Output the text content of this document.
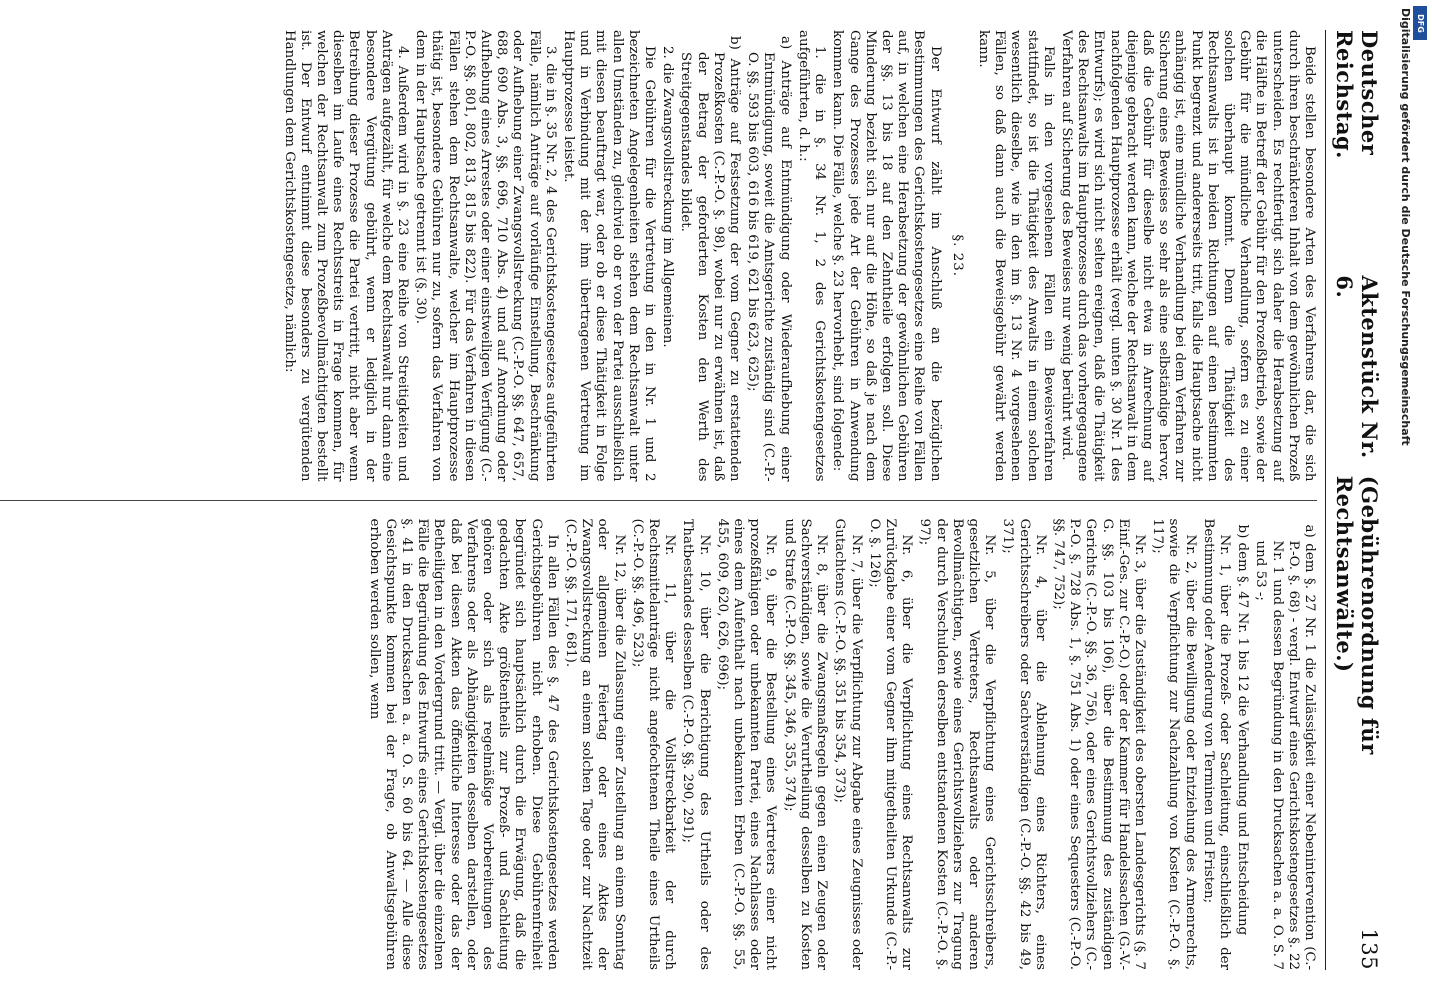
Deutscher Reichstag.
Aktenstück Nr. 6.
(Gebührenordnung für Rechtsanwälte.)
135

Beide stellen besondere Arten des Verfahrens dar, die sich durch ihren beschränkteren Inhalt von dem gewöhnlichen Prozeß unterscheiden. Es rechtfertigt sich daher die Herabsetzung auf die Hälfte in Betreff der Gebühr für den Prozeßbetrieb, sowie der Gebühr für die mündliche Verhandlung, sofern es zu einer solchen überhaupt kommt. Denn die Thätigkeit des Rechtsanwalts ist in beiden Richtungen auf einen bestimmten Punkt begrenzt und andererseits tritt, falls die Hauptsache nicht anhängig ist, eine mündliche Verhandlung bei dem Verfahren zur Sicherung eines Beweises so sehr als eine selbständige hervor, daß die Gebühr für dieselbe nicht etwa in Anrechnung auf diejenige gebracht werden kann, welche der Rechtsanwalt in dem nachfolgenden Hauptprozesse erhält (vergl. unten §. 30 Nr. 1 des Entwurfs); es wird sich nicht selten ereignen, daß die Thätigkeit des Rechtsanwalts im Hauptprozesse durch das vorhergegangene Verfahren auf Sicherung des Beweises nur wenig berührt wird.

Falls in den vorgesehenen Fällen ein Beweisverfahren stattfindet, so ist die Thätigkeit des Anwalts in einem solchen wesentlich dieselbe, wie in den im §. 13 Nr. 4 vorgesehenen Fällen, so daß dann auch die Beweisgebühr gewährt werden kann.

§. 23.

Der Entwurf zählt im Anschluß an die bezüglichen Bestimmungen des Gerichtskostengesetzes eine Reihe von Fällen auf, in welchen eine Herabsetzung der gewöhnlichen Gebühren der §§. 13 bis 18 auf den Zehntheile erfolgen soll. Diese Minderung bezieht sich nur auf die Höhe, so daß je nach dem Gange des Prozesses jede Art der Gebühren in Anwendung kommen kann. Die Fälle, welche §. 23 hervorhebt, sind folgende:

1. die in §. 34 Nr. 1, 2 des Gerichtskostengesetzes aufgeführten, d. h.:

a) Anträge auf Entmündigung oder Wiederaufhebung einer Entmündigung, soweit die Amtsgerichte zuständig sind (C.-P.-O. §§. 593 bis 603, 616 bis 619, 621 bis 623, 625);

b) Anträge auf Festsetzung der vom Gegner zu erstattenden Prozeßkosten (C.-P.-O. §. 98), wobei nur zu erwähnen ist, daß der Betrag der geforderten Kosten den Werth des Streitgegenstandes bildet.

2. die Zwangsvollstreckung im Allgemeinen.

Die Gebühren für die Vertretung in den in Nr. 1 und 2 bezeichneten Angelegenheiten stehen dem Rechtsanwalt unter allen Umständen zu, gleichviel ob er von der Partei ausschließlich mit diesen beauftragt war, oder ob er diese Thätigkeit in Folge und in Verbindung mit der ihm übertragenen Vertretung im Hauptprozesse leistet.

3. die in §. 35 Nr. 2, 4 des Gerichtskostengesetzes aufgeführten Fälle, nämlich Anträge auf vorläufige Einstellung, Beschränkung oder Aufhebung einer Zwangsvollstreckung (C.-P.-O. §§. 647, 657, 688, 690 Abs. 3, §§. 696, 710 Abs. 4) und auf Anordnung oder Aufhebung eines Arrestes oder einer einstweiligen Verfügung (C.-P.-O. §§. 801, 802, 813, 815 bis 822). Für das Verfahren in diesen Fällen stehen dem Rechtsanwalte, welcher im Hauptprozesse thätig ist, besondere Gebühren nur zu, sofern das Verfahren von dem in der Hauptsache getrennt ist (§. 30).

4. Außerdem wird in §. 23 eine Reihe von Streitigkeiten und Anträgen aufgezählt, für welche dem Rechtsanwalt nur dann eine besondere Vergütung gebührt, wenn er lediglich in der Betreibung dieser Prozesse die Partei vertritt, nicht aber wenn dieselben im Laufe eines Rechtsstreits in Frage kommen, für welchen der Rechtsanwalt zum Prozeßbevollmächtigten bestellt ist. Der Entwurf entnimmt diese besonders zu vergütenden Handlungen dem Gerichtskostengesetze, nämlich:

a) dem §. 27 Nr. 1 die Zulässigkeit einer Nebenintervention (C.-P.-O. §. 68) - vergl. Entwurf eines Gerichtskostengesetzes §. 22 Nr. 1 und dessen Begründung in den Drucksachen a. a. O. S. 7 und 53 -;

b) dem §. 47 Nr. 1 bis 12 die Verhandlung und Entscheidung

Nr. 1, über die Prozeß- oder Sachleitung, einschließlich der Bestimmung oder Aenderung von Terminen und Fristen;

Nr. 2, über die Bewilligung oder Entziehung des Armenrechts, sowie die Verpflichtung zur Nachzahlung von Kosten (C.-P.-O. §. 117);

Nr. 3, über die Zuständigkeit des obersten Landesgerichts (§. 7 Einf.-Ges. zur C.-P.-O.) oder der Kammer für Handelssachen (G.-V.-G. §§. 103 bis 106), über die Bestimmung des zuständigen Gerichts (C.-P.-O. §§. 36, 756), oder eines Gerichtsvollziehers (C.-P.-O. §. 728 Abs. 1, §. 751 Abs. 1) oder eines Sequesters (C.-P.-O. §§. 747, 752);

Nr. 4, über die Ablehnung eines Richters, eines Gerichtsschreibers oder Sachverständigen (C.-P.-O. §§. 42 bis 49, 371);

Nr. 5, über die Verpflichtung eines Gerichtsschreibers, gesetzlichen Vertreters, Rechtsanwalts oder anderen Bevollmächtigten, sowie eines Gerichtsvollziehers zur Tragung der durch Verschulden derselben entstandenen Kosten (C.-P.-O. §. 97);

Nr. 6, über die Verpflichtung eines Rechtsanwalts zur Zurückgabe einer vom Gegner ihm mitgetheilten Urkunde (C.-P.-O. §. 126);

Nr. 7, über die Verpflichtung zur Abgabe eines Zeugnisses oder Gutachtens (C.-P.-O. §§. 351 bis 354, 373);

Nr. 8, über die Zwangsmaßregeln gegen einen Zeugen oder Sachverständigen, sowie die Verurtheilung desselben zu Kosten und Strafe (C.-P.-O. §§. 345, 346, 355, 374);

Nr. 9, über die Bestellung eines Vertreters einer nicht prozeßfähigen oder unbekannten Partei, eines Nachlasses oder eines dem Aufenthalt nach unbekannten Erben (C.-P.-O. §§. 55, 455, 609, 620, 626, 696);

Nr. 10, über die Berichtigung des Urtheils oder des Thatbestandes desselben (C.-P.-O. §§. 290, 291);

Nr. 11, über die Vollstreckbarkeit der durch Rechtsmittelanträge nicht angefochtenen Theile eines Urtheils (C.-P.-O. §§. 496, 523);

Nr. 12, über die Zulassung einer Zustellung an einem Sonntag oder allgemeinen Feiertag oder eines Aktes der Zwangsvollstreckung an einem solchen Tage oder zur Nachtzeit (C.-P.-O. §§. 171, 681).

In allen Fällen des §. 47 des Gerichtskostengesetzes werden Gerichtsgebühren nicht erhoben. Diese Gebührenfreiheit begründet sich hauptsächlich durch die Erwägung, daß die gedachten Akte größtentheils zur Prozeß- und Sachleitung gehören oder sich als regelmäßige Vorbereitungen des Verfahrens oder als Abhängigkeiten desselben darstellen, oder daß bei diesen Akten das öffentliche Interesse oder das der Betheiligten in den Vordergrund tritt. — Vergl. über die einzelnen Fälle die Begründung des Entwurfs eines Gerichtskostengesetzes §. 41 in den Drucksachen a. a. O. S. 60 bis 64. — Alle diese Gesichtspunkte kommen bei der Frage, ob Anwaltsgebühren erhoben werden sollen, wenn

Digitalisierung gefördert durch die Deutsche Forschungsgemeinschaft DFG
